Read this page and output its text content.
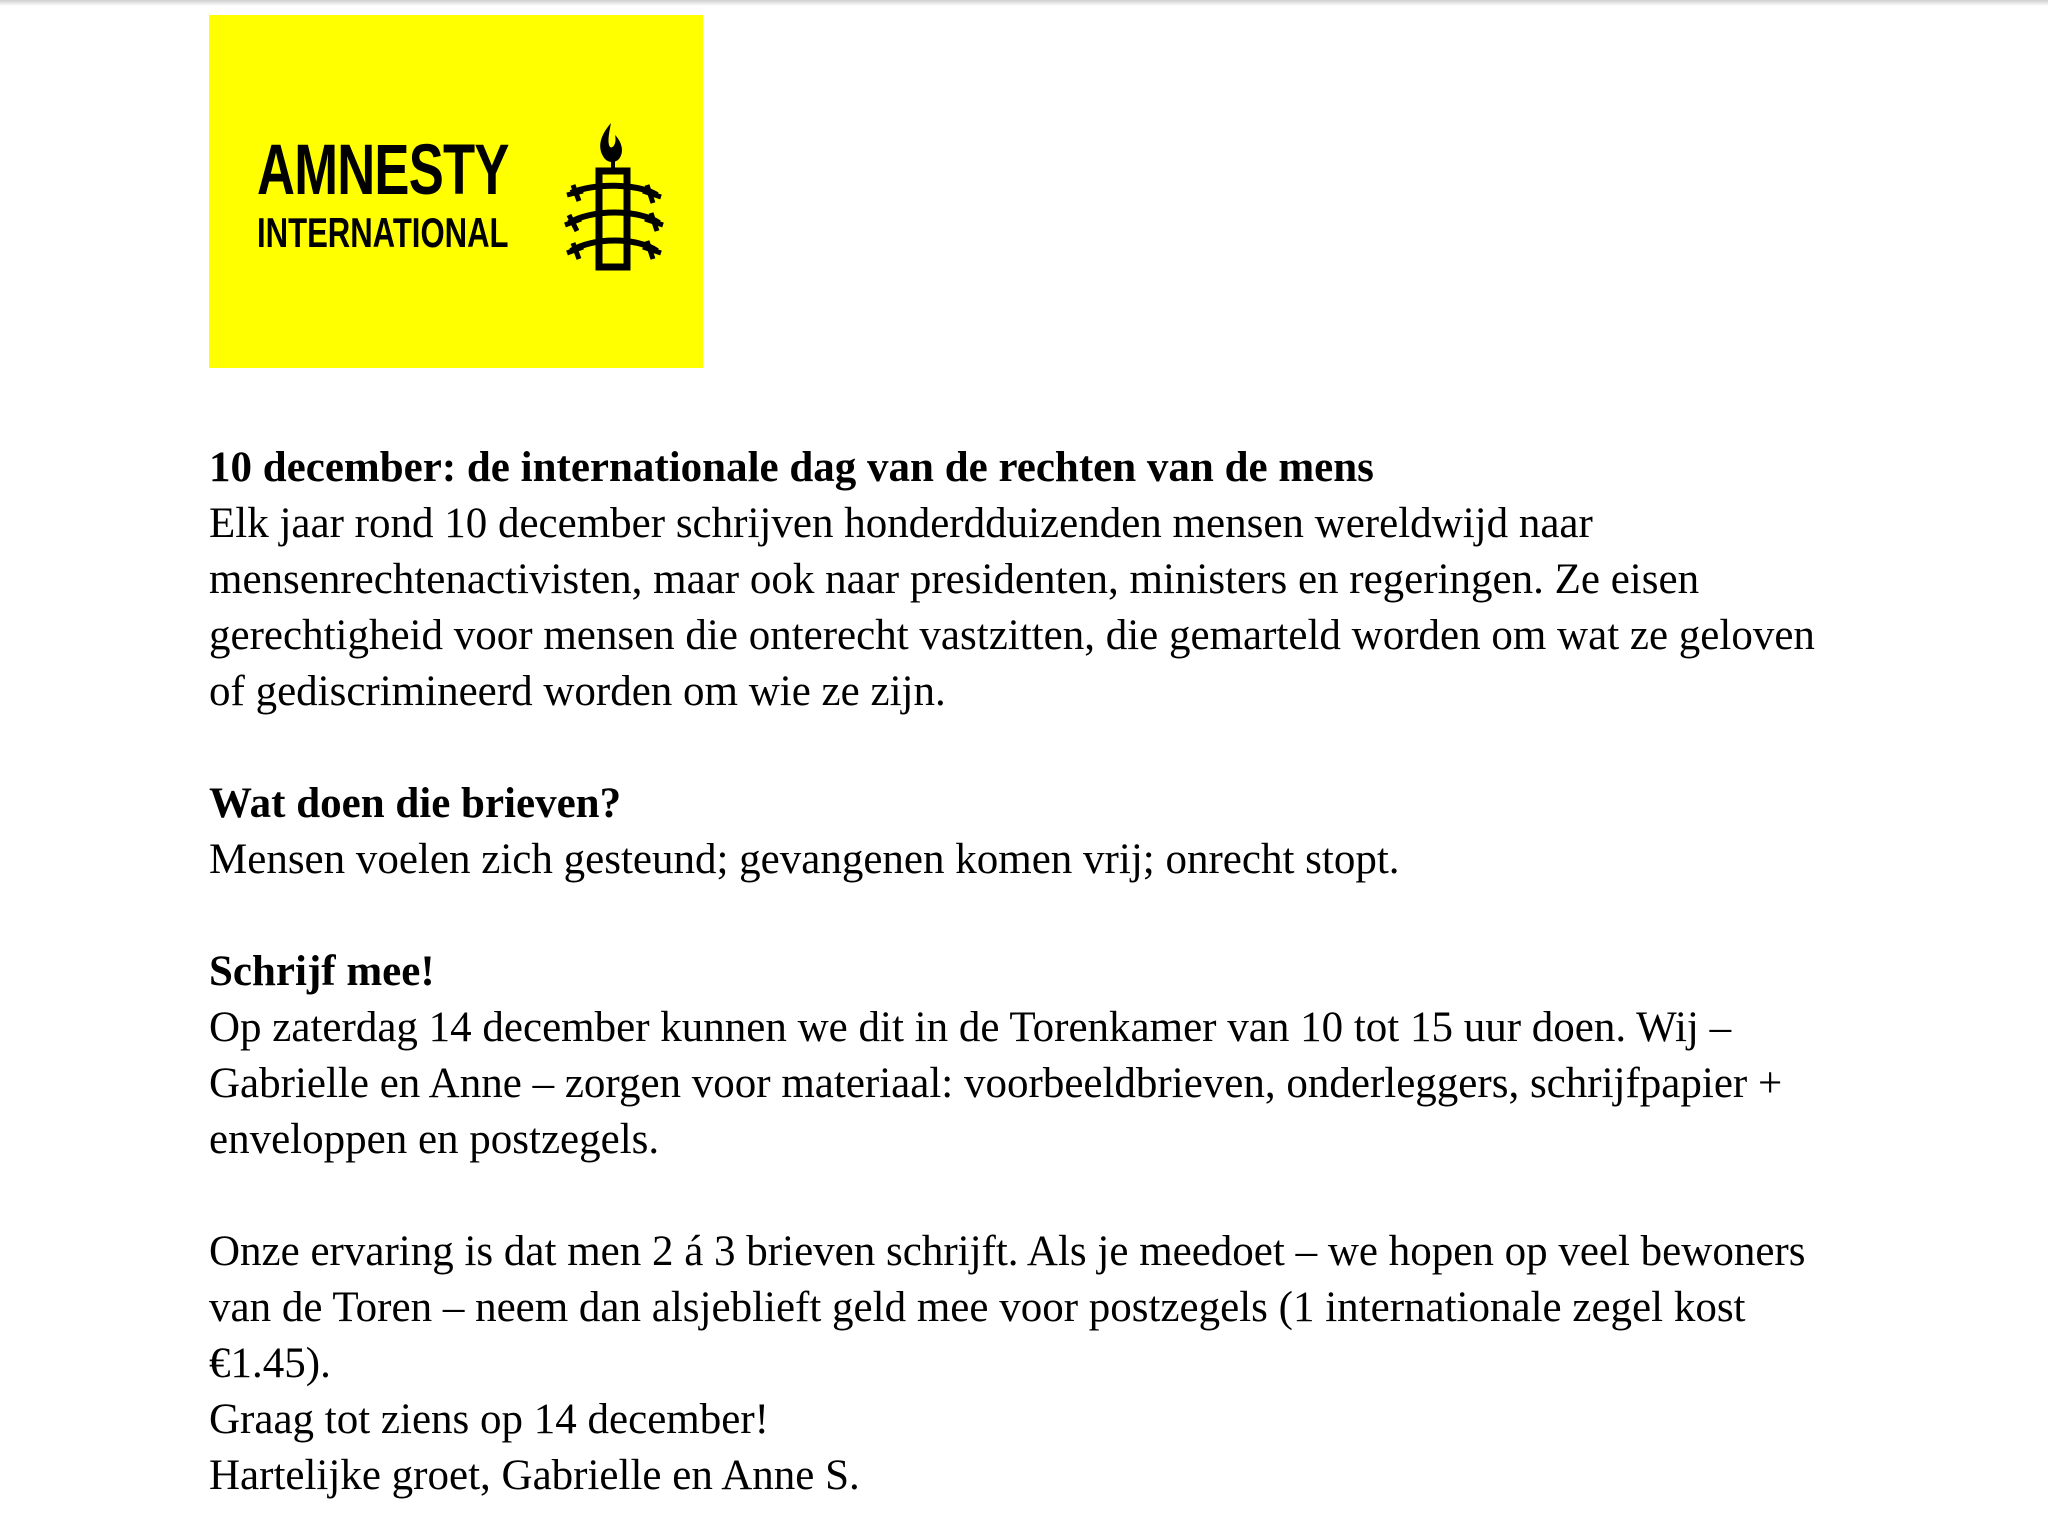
AMNESTY
INTERNATIONAL

10 december: de internationale dag van de rechten van de mens

Elk jaar rond 10 december schrijven honderdduizenden mensen wereldwijd naar mensenrechtenactivisten, maar ook naar presidenten, ministers en regeringen. Ze eisen gerechtigheid voor mensen die onterecht vastzitten, die gemarteld worden om wat ze geloven of gediscrimineerd worden om wie ze zijn.

Wat doen die brieven?

Mensen voelen zich gesteund; gevangenen komen vrij; onrecht stopt.

Schrijf mee!

Op zaterdag 14 december kunnen we dit in de Torenkamer van 10 tot 15 uur doen. Wij – Gabrielle en Anne – zorgen voor materiaal: voorbeeldbrieven, onderleggers, schrijfpapier + enveloppen en postzegels.

Onze ervaring is dat men 2 á 3 brieven schrijft. Als je meedoet – we hopen op veel bewoners van de Toren – neem dan alsjeblieft geld mee voor postzegels (1 internationale zegel kost €1.45).

Graag tot ziens op 14 december!

Hartelijke groet, Gabrielle en Anne S.
